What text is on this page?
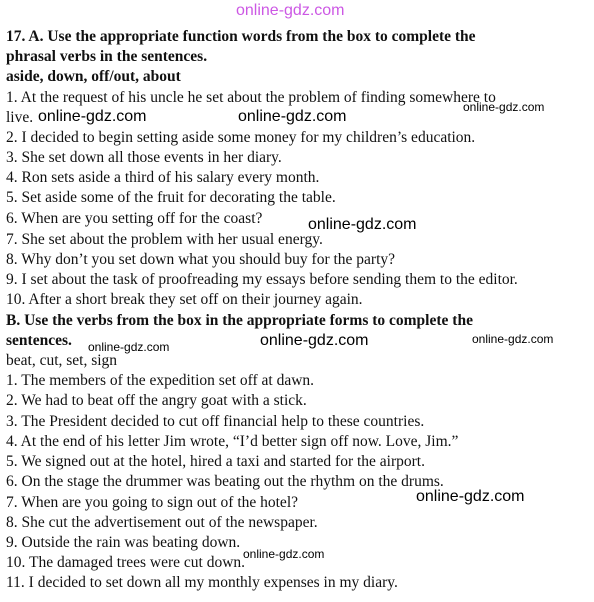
online-gdz.com
17. A. Use the appropriate function words from the box to complete the
phrasal verbs in the sentences.
aside, down, off/out, about
1. At the request of his uncle he set about the problem of finding somewhere to
live. online-gdz.com	online-gdz.com
online-gdz.com
2. I decided to begin setting aside some money for my children’s education.
3. She set down all those events in her diary.
4. Ron sets aside a third of his salary every month.
5. Set aside some of the fruit for decorating the table.
6. When are you setting off for the coast?	online-gdz.com
7. She set about the problem with her usual energy.
8. Why don’t you set down what you should buy for the party?
9. I set about the task of proofreading my essays before sending them to the editor.
10. After a short break they set off on their journey again.
B. Use the verbs from the box in the appropriate forms to complete the
sentences.	online-gdz.com	online-gdz.com
online-gdz.com
beat, cut, set, sign
1. The members of the expedition set off at dawn.
2. We had to beat off the angry goat with a stick.
3. The President decided to cut off financial help to these countries.
4. At the end of his letter Jim wrote, “I’d better sign off now. Love, Jim.”
5. We signed out at the hotel, hired a taxi and started for the airport.
6. On the stage the drummer was beating out the rhythm on the drums.
online-gdz.com
7. When are you going to sign out of the hotel?
8. She cut the advertisement out of the newspaper.
9. Outside the rain was beating down.
online-gdz.com
10. The damaged trees were cut down.
11. I decided to set down all my monthly expenses in my diary.
